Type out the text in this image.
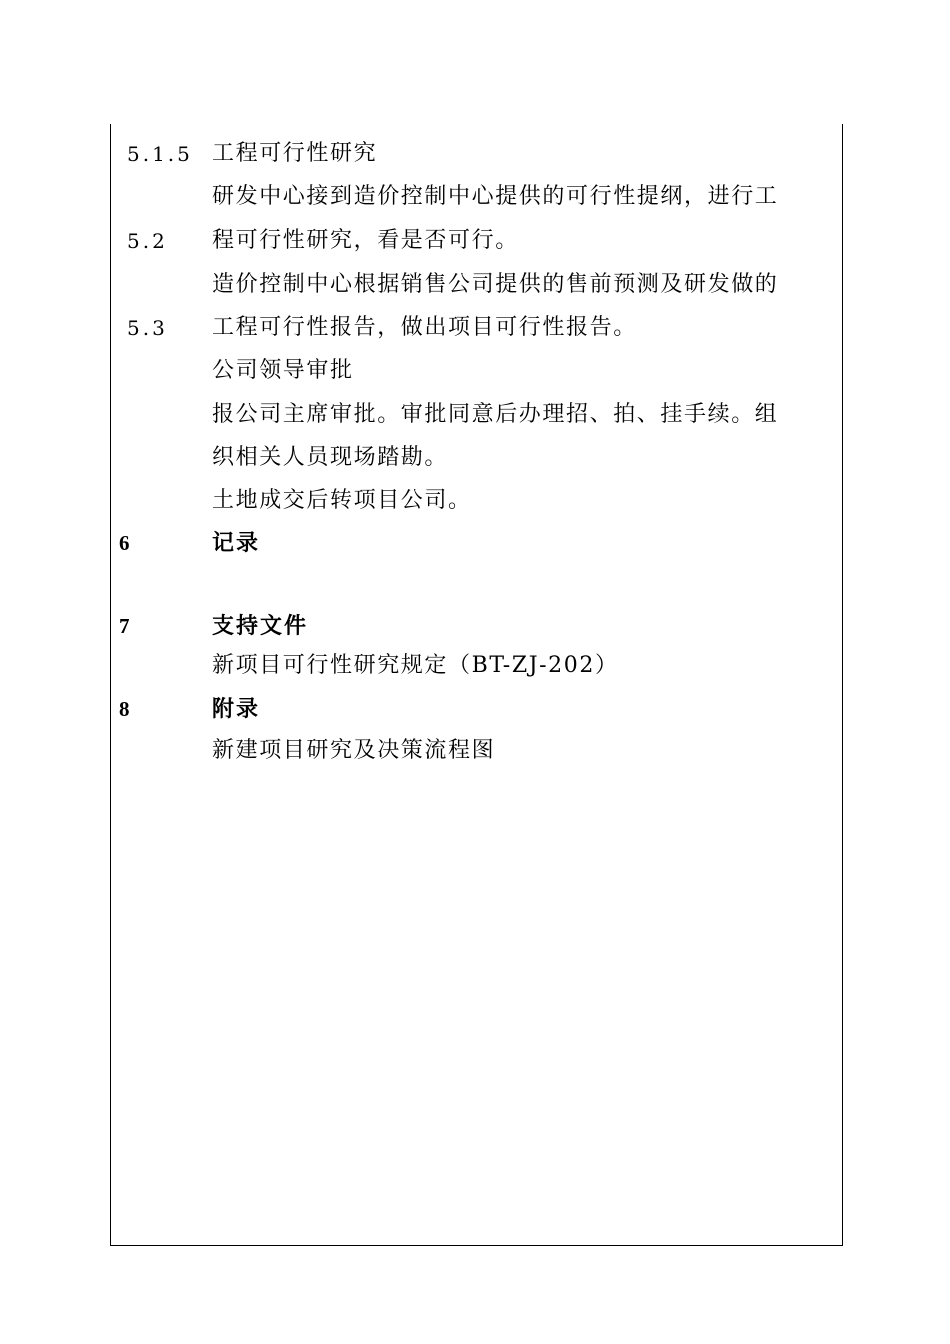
5.1.5 工程可行性研究
研发中心接到造价控制中心提供的可行性提纲，进行工
5.2 程可行性研究，看是否可行。
造价控制中心根据销售公司提供的售前预测及研发做的
5.3 工程可行性报告，做出项目可行性报告。
公司领导审批
报公司主席审批。审批同意后办理招、拍、挂手续。组
织相关人员现场踏勘。
土地成交后转项目公司。
6	记录
7	支持文件
新项目可行性研究规定（BT-ZJ-202）
8	附录
新建项目研究及决策流程图
